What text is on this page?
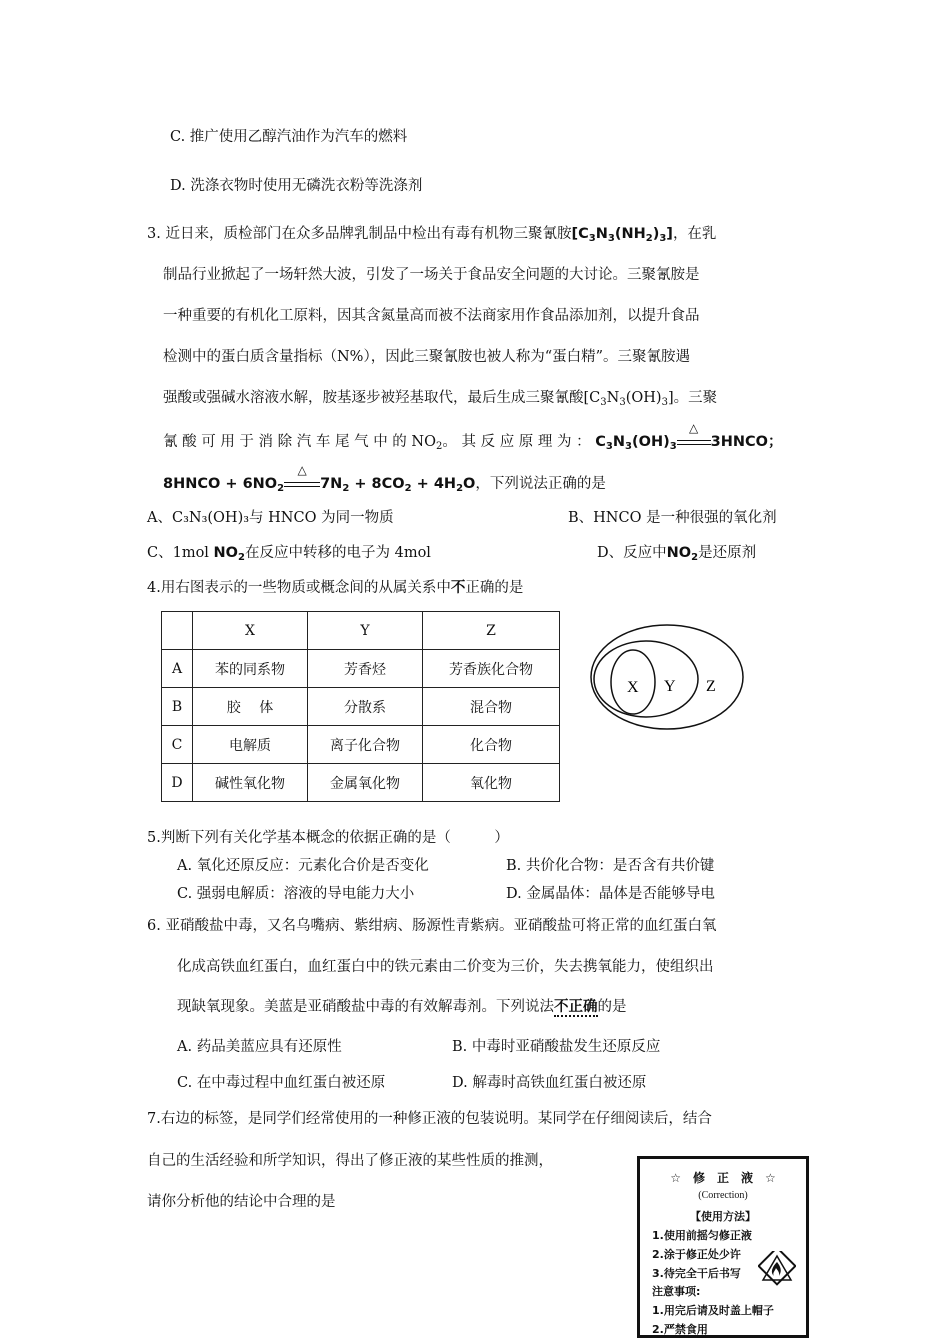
C. 推广使用乙醇汽油作为汽车的燃料
D. 洗涤衣物时使用无磷洗衣粉等洗涤剂
3. 近日来，质检部门在众多品牌乳制品中检出有毒有机物三聚氰胺$[C_3N_3(NH_2)_3]$，在乳
制品行业掀起了一场轩然大波，引发了一场关于食品安全问题的大讨论。三聚氰胺是
一种重要的有机化工原料，因其含氮量高而被不法商家用作食品添加剂，以提升食品
检测中的蛋白质含量指标（N%），因此三聚氰胺也被人称为“蛋白精”。三聚氰胺遇
强酸或强碱水溶液水解，胺基逐步被羟基取代，最后生成三聚氰酸$[C_3N_3(OH)_3]$。三聚
氰 酸 可 用 于 消 除 汽 车 尾 气 中 的 $NO_2$。 其 反 应 原 理 为 ： $C_3N_3(OH)_3$
△
3HNCO；
8HNCO + $6NO_2$
△
$7N_2 + 8CO_2 + 4H_2O$，下列说法正确的是
A、C₃N₃(OH)₃与 HNCO 为同一物质	B、HNCO 是一种很强的氧化剂
C、1mol $NO_2$在反应中转移的电子为 4mol	D、反应中$NO_2$是还原剂
4.用右图表示的一些物质或概念间的从属关系中不正确的是
	X	Y	Z
A	苯的同系物	芳香烃	芳香族化合物
B	胶　 体	分散系	混合物
C	电解质	离子化合物	化合物
D	碱性氧化物	金属氧化物	氧化物
X Y Z
5.判断下列有关化学基本概念的依据正确的是（　　　）
A. 氧化还原反应：元素化合价是否变化	B. 共价化合物：是否含有共价键
C. 强弱电解质：溶液的导电能力大小	D. 金属晶体：晶体是否能够导电
6. 亚硝酸盐中毒，又名乌嘴病、紫绀病、肠源性青紫病。亚硝酸盐可将正常的血红蛋白氧
化成高铁血红蛋白，血红蛋白中的铁元素由二价变为三价，失去携氧能力，使组织出
现缺氧现象。美蓝是亚硝酸盐中毒的有效解毒剂。下列说法不正确的是
A. 药品美蓝应具有还原性	B. 中毒时亚硝酸盐发生还原反应
C. 在中毒过程中血红蛋白被还原	D. 解毒时高铁血红蛋白被还原
7.右边的标签，是同学们经常使用的一种修正液的包装说明。某同学在仔细阅读后，结合
自己的生活经验和所学知识，得出了修正液的某些性质的推测，
请你分析他的结论中合理的是
☆　修　正　液　☆
(Correction)
【使用方法】
1.使用前摇匀修正液
2.涂于修正处少许
3.待完全干后书写
注意事项:
1.用完后请及时盖上帽子
2.严禁食用
